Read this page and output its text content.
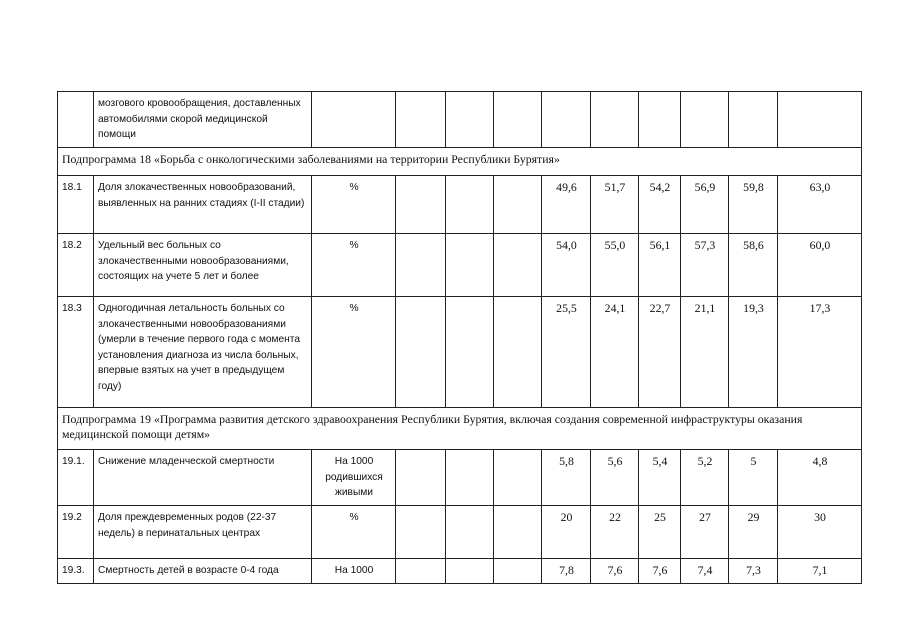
	мозгового кровообращения, доставленных автомобилями скорой медицинской помощи										
Подпрограмма 18 «Борьба с онкологическими заболеваниями на территории Республики Бурятия»											
18.1	Доля злокачественных новообразований, выявленных на ранних стадиях (I-II стадии)	%				49,6	51,7	54,2	56,9	59,8	63,0
18.2	Удельный вес больных со злокачественными новообразованиями, состоящих на учете 5 лет и более	%				54,0	55,0	56,1	57,3	58,6	60,0
18.3	Одногодичная летальность больных со злокачественными новообразованиями (умерли в течение первого года с момента установления диагноза из числа больных, впервые взятых на учет в предыдущем году)	%				25,5	24,1	22,7	21,1	19,3	17,3
Подпрограмма 19 «Программа развития детского здравоохранения Республики Бурятия, включая создания современной инфраструктуры оказания медицинской помощи детям»											
19.1.	Снижение младенческой смертности	На 1000 родившихся живыми				5,8	5,6	5,4	5,2	5	4,8
19.2	Доля преждевременных родов (22-37 недель) в перинатальных центрах	%				20	22	25	27	29	30
19.3.	Смертность детей в возрасте 0-4 года	На 1000				7,8	7,6	7,6	7,4	7,3	7,1
